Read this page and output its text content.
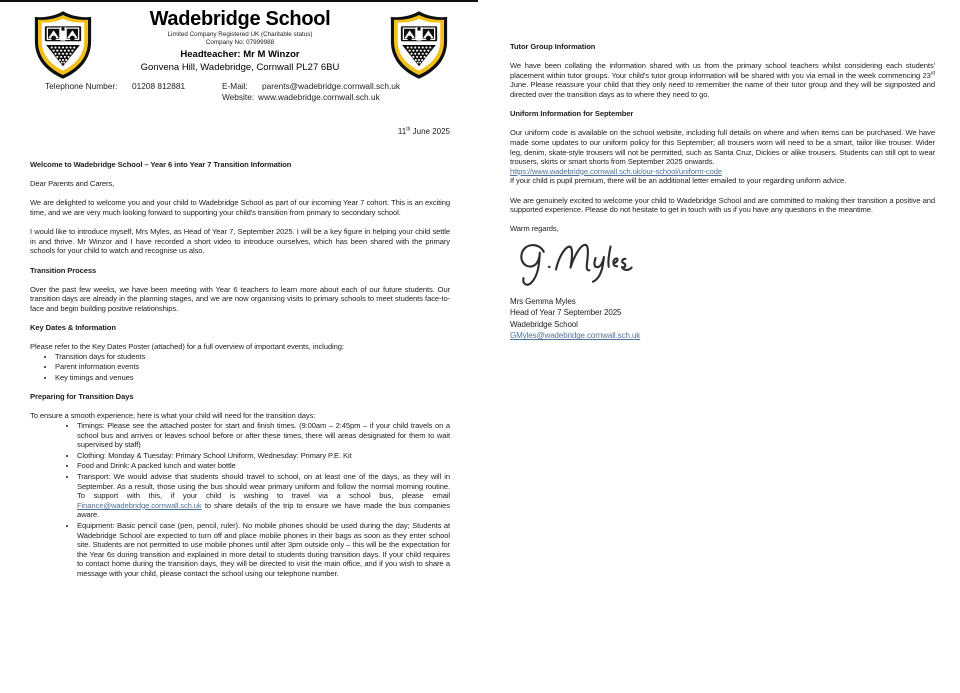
Wadebridge School
Limited Company Registered UK (Charitable status)
Company No: 07999988
Headteacher: Mr M Winzor
Gonvena Hill, Wadebridge, Cornwall PL27 6BU
Telephone Number: 01208 812881	E-Mail: parents@wadebridge.cornwall.sch.uk
Website: www.wadebridge.cornwall.sch.uk
11th June 2025
Welcome to Wadebridge School – Year 6 into Year 7 Transition Information

Dear Parents and Carers,

We are delighted to welcome you and your child to Wadebridge School as part of our incoming Year 7 cohort. This is an exciting time, and we are very much looking forward to supporting your child's transition from primary to secondary school.

I would like to introduce myself, Mrs Myles, as Head of Year 7, September 2025. I will be a key figure in helping your child settle in and thrive. Mr Winzor and I have recorded a short video to introduce ourselves, which has been shared with the primary schools for your child to watch and recognise us also.

Transition Process

Over the past few weeks, we have been meeting with Year 6 teachers to learn more about each of our future students. Our transition days are already in the planning stages, and we are now organising visits to primary schools to meet students face-to-face and begin building positive relationships.

Key Dates & Information

Please refer to the Key Dates Poster (attached) for a full overview of important events, including:

• Transition days for students
• Parent information events
• Key timings and venues
Preparing for Transition Days

To ensure a smooth experience, here is what your child will need for the transition days:

• Timings: Please see the attached poster for start and finish times. (9:00am – 2:45pm – if your child travels on a school bus and arrives or leaves school before or after these times, there will areas designated for them to wait supervised by staff)
• Clothing: Monday & Tuesday: Primary School Uniform, Wednesday: Primary P.E. Kit
• Food and Drink: A packed lunch and water bottle
• Transport: We would advise that students should travel to school, on at least one of the days, as they will in September. As a result, those using the bus should wear primary uniform and follow the normal morning routine. To support with this, if your child is wishing to travel via a school bus, please email Finance@wadebridge.cornwall.sch.uk to share details of the trip to ensure we have made the bus companies aware.
• Equipment: Basic pencil case (pen, pencil, ruler). No mobile phones should be used during the day; Students at Wadebridge School are expected to turn off and place mobile phones in their bags as soon as they enter school site. Students are not permitted to use mobile phones until after 3pm outside only – this will be the expectation for the Year 6s during transition and explained in more detail to students during transition days. If your child requires to contact home during the transition days, they will be directed to visit the main office, and if you wish to share a message with your child, please contact the school using our telephone number.
Tutor Group Information

We have been collating the information shared with us from the primary school teachers whilst considering each students' placement within tutor groups. Your child's tutor group information will be shared with you via email in the week commencing 23rd June. Please reassure your child that they only need to remember the name of their tutor group and they will be signposted and directed over the transition days as to where they need to go.

Uniform Information for September

Our uniform code is available on the school website, including full details on where and when items can be purchased. We have made some updates to our uniform policy for this September; all trousers worn will need to be a smart, tailor like trouser. Wider leg, denim, skate-style trousers will not be permitted, such as Santa Cruz, Dickies or alike trousers. Students can still opt to wear trousers, skirts or smart shorts from September 2025 onwards.

https://www.wadebridge.cornwall.sch.uk/our-school/uniform-code

If your child is pupil premium, there will be an additional letter emailed to your regarding uniform advice.

We are genuinely excited to welcome your child to Wadebridge School and are committed to making their transition a positive and supported experience. Please do not hesitate to get in touch with us if you have any questions in the meantime.

Warm regards,

Mrs Gemma Myles
Head of Year 7 September 2025
Wadebridge School
GMyles@wadebridge.cornwall.sch.uk
